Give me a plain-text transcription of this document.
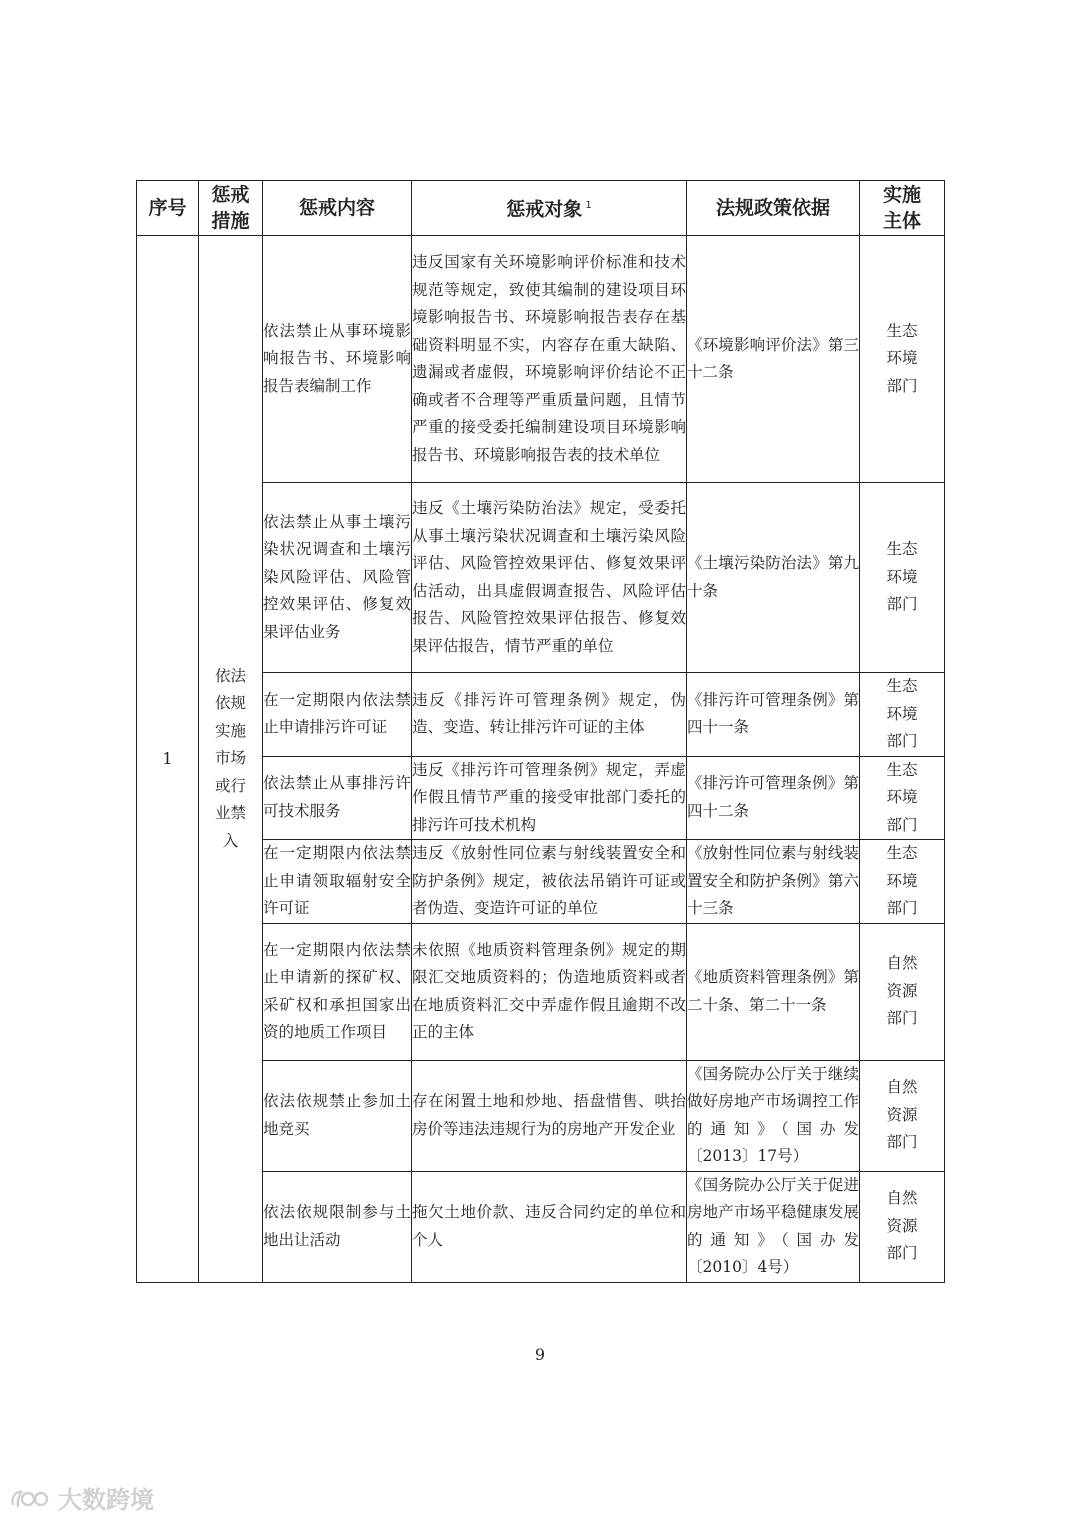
序号	惩戒措施	惩戒内容	惩戒对象 $^1$	法规政策依据	实施主体
1	依法依规实施市场或行业禁入	依法禁止从事环境影响报告书、环境影响报告表编制工作	违反国家有关环境影响评价标准和技术规范等规定，致使其编制的建设项目环境影响报告书、环境影响报告表存在基础资料明显不实，内容存在重大缺陷、遗漏或者虚假，环境影响评价结论不正确或者不合理等严重质量问题，且情节严重的接受委托编制建设项目环境影响报告书、环境影响报告表的技术单位	《环境影响评价法》第三十二条	生态环境部门
		依法禁止从事土壤污染状况调查和土壤污染风险评估、风险管控效果评估、修复效果评估业务	违反《土壤污染防治法》规定，受委托从事土壤污染状况调查和土壤污染风险评估、风险管控效果评估、修复效果评估活动，出具虚假调查报告、风险评估报告、风险管控效果评估报告、修复效果评估报告，情节严重的单位	《土壤污染防治法》第九十条	生态环境部门
		在一定期限内依法禁止申请排污许可证	违反《排污许可管理条例》规定，伪造、变造、转让排污许可证的主体	《排污许可管理条例》第四十一条	生态环境部门
		依法禁止从事排污许可技术服务	违反《排污许可管理条例》规定，弄虚作假且情节严重的接受审批部门委托的排污许可技术机构	《排污许可管理条例》第四十二条	生态环境部门
		在一定期限内依法禁止申请领取辐射安全许可证	违反《放射性同位素与射线装置安全和防护条例》规定，被依法吊销许可证或者伪造、变造许可证的单位	《放射性同位素与射线装置安全和防护条例》第六十三条	生态环境部门
		在一定期限内依法禁止申请新的探矿权、采矿权和承担国家出资的地质工作项目	未依照《地质资料管理条例》规定的期限汇交地质资料的；伪造地质资料或者在地质资料汇交中弄虚作假且逾期不改正的主体	《地质资料管理条例》第二十条、第二十一条	自然资源部门
		依法依规禁止参加土地竞买	存在闲置土地和炒地、捂盘惜售、哄抬房价等违法违规行为的房地产开发企业	《国务院办公厅关于继续做好房地产市场调控工作的通知》（国办发〔2013〕17号）	自然资源部门
		依法依规限制参与土地出让活动	拖欠土地价款、违反合同约定的单位和个人	《国务院办公厅关于促进房地产市场平稳健康发展的通知》（国办发〔2010〕4号）	自然资源部门
9
大数跨境
